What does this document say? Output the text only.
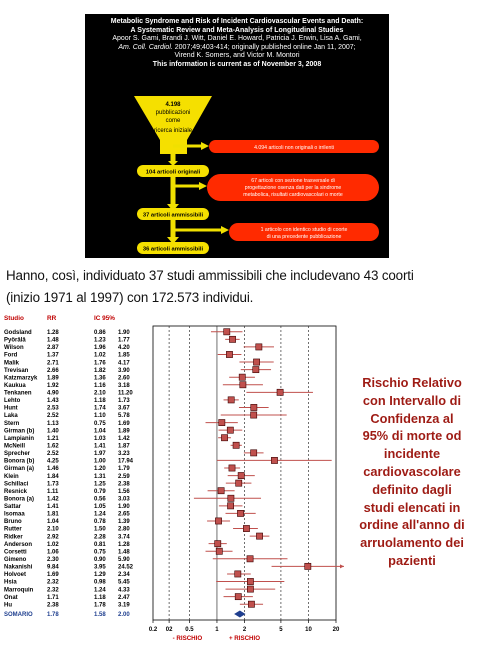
4.198
pubblicazioni
come
ricerca iniziale
104 articoli originali
37 articoli ammissibili
36 articoli ammissibili
4.094 articoli non originali o irrilenti
67 articoli con sezione trasversale di
progettazione osenza dati per la sindrome
metabolica, risultati cardiovascolari o morte
1 articolo con identico studio di coorte
di una precedente pubblicazione
Metabolic Syndrome and Risk of Incident Cardiovascular Events and Death:
A Systematic Review and Meta-Analysis of Longitudinal Studies
Apoor S. Gami, Brandi J. Witt, Daniel E. Howard, Patricia J. Erwin, Lisa A. Gami,
Am. Coll. Cardiol. 2007;49;403-414; originally published online Jan 11, 2007;
Virend K. Somers, and Victor M. Montori
This information is current as of November 3, 2008
Hanno, così, individuato 37 studi ammissibili che includevano 43 coorti
(inizio 1971 al 1997) con 172.573 individui.
Studio	RR	IC 95%
0.2 02 0.5	1	2	5	10	20
- RISCHIO	+ RISCHIO
Godsland	1.28	0.86 1.90
Pyörälä	1.48	1.23 1.77
Wilson	2.87	1.96 4.20
Ford	1.37	1.02 1.85
Malik	2.71	1.76 4.17
Trevisan	2.66	1.82 3.90
Katzmarzyk 1.89	1.36 2.60
Kaukua	1.92	1.16 3.18
Tenkanen	4.90	2.10 11.20
Lehto	1.43	1.18 1.73
Hunt	2.53	1.74 3.67
Laka	2.52	1.10 5.78
Stern	1.13	0.75 1.69
Girman (b) 1.40	1.04 1.89
Lampianin 1.21	1.03 1.42
McNeill	1.62	1.41 1.87
Sprecher	2.52	1.97 3.23
Bonora (b) 4.25	1.00 17.94
Girman (a) 1.46	1.20 1.79
Klein	1.84	1.31 2.59
Schillaci	1.73	1.25 2.38
Resnick	1.11	0.79 1.56
Bonora (a) 1.42	0.56 3.03
Sattar	1.41	1.05 1.90
Isomaa	1.81	1.24 2.65
Bruno	1.04	0.78 1.39
Rutter	2.10	1.50 2.80
Ridker	2.92	2.28 3.74
Anderson 1.02	0.81 1.28
Corsetti	1.06	0.75 1.48
Gimeno	2.30	0.90 5.90
Nakanishi 9.84	3.95 24.52
Holvoet	1.69	1.29 2.34
Hsia	2.32	0.98 5.45
Marroquin 2.32	1.24 4.33
Onat	1.71	1.18 2.47
Hu	2.38	1.78 3.19
SOMARIO 1.78	1.58 2.00
Rischio Relativo
con Intervallo di
Confidenza al
95% di morte od
incidente
cardiovascolare
definito dagli
studi elencati in
ordine all'anno di
arruolamento dei
pazienti
